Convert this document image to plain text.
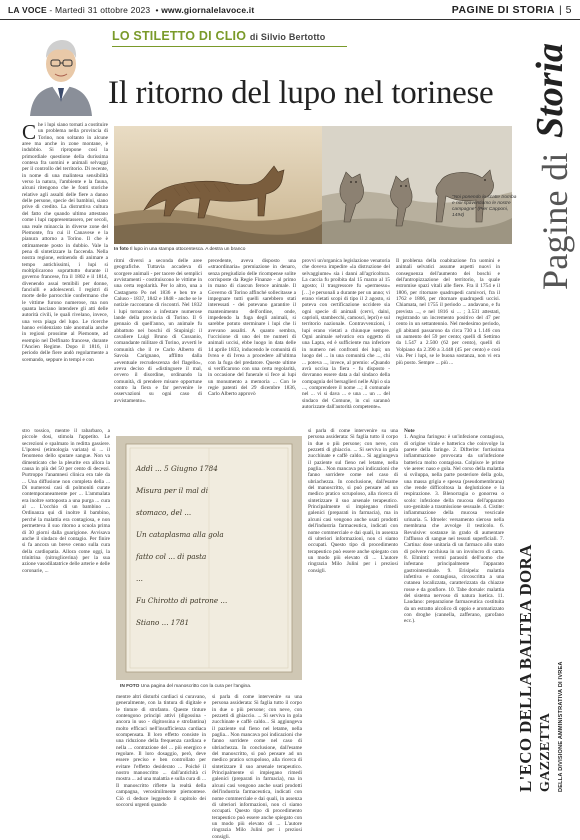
LA VOCE - Martedì 31 ottobre 2023  • www.giornalelavoce.it	PAGINE DI STORIA | 5
LO STILETTO DI CLIO di Silvio Bertotto
Il ritorno del lupo nel torinese
C he i lupi siano tornati a costituire un problema nella provincia di Torino, non soltanto in alcune aree ma anche in zone montane, è indubbio. Si ripropone così la primordiale questione della durissima contesa fra uomini e animali selvaggi per il controllo del territorio. Di recente, in nome di una malintesa sensibilità verso la natura, l'ambiente e la fauna, alcuni ritengono che le fonti storiche relative agli assalti delle fiere a danno delle persone, specie dei bambini, siano prive di credito. La distruttiva cultura del fatto che quando ultimo attestano come i lupi rappresentassero, per secoli, una reale minaccia in diverse zone del Piemonte, fra cui il Canavese e la pianura attorno a Torino. Il che è ottimamente posto in dubbio. Vale la pena di sintetizzare la faccenda. Nella nostra regione, estinendo di animare a tempo antichissimi, i lupi si moltiplicarono soprattutto durante il governo francese, fra il 1802 e il 1814, divenendo assai temibili per donne, fanciulli e adolescenti. I registri di morte delle parrocchie confermano che le vittime furono numerose, ma non quanta lasciano intendere gli atti delle autorità civili, le quali rivelano, invece, una vera piaga del lupo. Le ricerche hanno evidenziato tale anomalia anche in regioni prossime al Piemonte, ad esempio nel Delfinato francese, durante l'Ancien Regime. Dopo il 1816, il periodo delle fiere andò regolarmente a scemando, seppure in tempi e con

In foto Il lupo in una stampa ottocentesca. A destra un branco
"Noi ponendo le scatte tromba e noi spaventiamo le nostre campagne" (Pier Capponi, 1494)

ritmi diversi a seconda delle aree geografiche. Tuttavia accadeva di scorgere animali - per tacere dei semplici avvistamenti - costituiscono le vittime in una certa regolarità. Per lo altro, una a Castagneto Po nel 1836 e ben tre a Caluso - 1837, 1842 e 1848 - anche se le notizie raccontano di riscontri. Nel 1832 i lupi tornarono a infestare numerose lande della provincia di Torino. Il 6 gennaio di quell'anno, un animale fu abbattuto nei boschi di Stupinigi: il cavaliere Luigi Bruno di Cussanio, comandante militare di Torino, avvertì le comunità che il re Carlo Alberto di Savoia Carignano, afflitto dalla «eventuale recrudescenza del flagello», aveva deciso di «distinguere il mal, ovvero il disordine, ordinando la comunità, di prendere misure opportune contro la fiera e far pervenire le osservazioni su ogni caso di avvistamento».

precedente, aveva disposto una «straordinaria» premiazione in denaro, senza pregiudizio delle ricompense solite corrisposte da Regie Finanze - al primo in mano di ciascun feroce animale. Il Governo di Torino affinché sollecitasse a impegnare tutti quelli sarebbero stati interessati - dei potevano garantire il mantenimento dell'ordine, onde, impedendo la fuga degli animali, si sarebbe potuto sterminare i lupi che li avevano assaliti. A quanto sembra, l'uccisione di uno dei tre numeri di animali uccisi, ebbe luogo in data delle 14 aprile 1833, inducendo le comunità di Ivrea e di Ivrea a procedere all'ultima con la fuga del predatore. Queste ultime si verificarono con una certa regolarità, in occasione del funerale si fece ai lupi un monumento a memoria ... Con le regie patenti del 29 dicembre 1836, Carlo Alberto approvò

provvi un'organica legislazione venatoria che doveva impedire «la distruzione del selvaggiume» sia i danni all'agricoltura. La caccia fu proibita dal 15 marzo al 15 agosto; il trasgressore fu «permesso» […] e personali a durante per un anno; vi erano vietati scopi di tipo il 2 agosto, si poteva con certificazione uccidere sia ogni specie di animali (cervi, daini, caprioli, stambecchi, camosci, lepri) e sul territorio nazionale. Contravvenzioni, i lupi erano vietati a chiunque sempre. Ogni animale selvatico era oggetto di una Lapta, ed è sufficiente ma inferiore in numero nei confronti dei lupi; un luogo del ... in una comunità che ..., chi ... poteva ..., invece, al premio: «Quando avrà uccisa la fiera - fu disposto - dovranno essere data a dal sindaco della compagnia del bersaglieri nelle Alpi o sia ..., comprendere il nome ...; il comunale nel ... vi si dava ... e una ... un ... del sindaco del Comune, in cui sarannò autorizzate dall'autorità competente».

Il problema della coabitazione fra uomini e animali selvatici assume aspetti nuovi in conseguenza dell'aumento dei boschi e dell'antropizzazione del territorio, la quale estromise spazi vitali alle fiere. Fra il 1754 e il 1806, per ritornare quadrupedi carnivori, fra il 1762 e 1806, per ritornare quadrupedi uccisi. Chiamata, nel 1755 il periodo ... andavano, e fu prevista ..., e nel 1816 si ... ; 3.531 attestati, registrando un incremento positivo del 47 per cento in un settantennio. Nel medesimo periodo, gli abitanti passarono da circa 730 a 1.146 con un aumento del 59 per cento; quelli di Settimo da 1.547 a 2.500 (62 per cento), quelli di Volpiano da 2.390 a 3.448 (45 per cento) e così via. Per i lupi, se le buona sostanza, non vi era più posto. Sempre ... più ...

Pagine di
Storia

stro tossico, mentre il rabarbaro, a piccole dosi, stimola l'appetito. Le secrezioni e spalmato in reditta gassiere. L'ipotesi (etimologia variata) si ... il fenomeno dello sputare sangue. Non va dimenticato che la pleurite era allora la causa in più del 50 per cento di decessi. Purtroppo l'anamnesi clinica era tale da ... Una diffusione non completa della ... Di numerosi casi di polmoniti curate contemporaneamente per ... L'ammalata era inoltre sottoposta a una purga ... cura al ... L'occhio di un bambino ... Ordinanza qui di inoltre il bambino, perché la malattia era contagiosa, e non permetteva il suo ritorno a scuola prima di 30 giorni dalla guarigione. Avvisava anche il sindaco del contagio. Per finire si fa ancora un breve cenno sulla cura della cardiopatia. Allora come oggi, la trinitrina (nitroglicerina) per la sua azione vasodilatatrice delle arterie e delle coronarie, ...

Addì ... 5 Giugno 1784
Misura per il mal di
stomaco, del ...
Un cataplasma alla gola
fatto col ... di pasta
...
Fu Chirotto di patrone ...
Stiano ... 1781
IN FOTO Una pagina del manoscritto con la cura per l'angina.

mentre altri disturbi cardiaci si curavano, generalmente, con la tintura di digitale e le tinture di strofanto. Queste tinture contengono principi attivi (digossina - ancora in uso - digitossina e strofantina) molto efficaci nell'insufficienza cardiaca scompensata. Il loro effetto consiste in una riduzione della frequenza cardiaca e nella ... contrazione del ... più energico e regolare. Il loro dosaggio, però, deve essere preciso e ben controllato per evitare l'effetto desiderato ... Poiché il nostro manoscritto ... dall'antichità ci mostra ... ad una malattia e sulla cura di ... Il manoscritto riflette la realtà della campagna, verosimilmente piemontese. Ciò ci deduce leggendo il capitolo dei soccorsi urgenti quando

si parla di come intervenire su una persona assiderata: Si faglia tutto il corpo in due o più persone; con neve, con pezzetti di ghiaccio. ... Si serviva in gola zucchinate e caffè caldo... Si aggiungeva il paziente sul fieno nel letame, nella paglia... Non mancava poi indicazioni che fanno sorridere come nel caso di ubriachezza. In conclusione, dall'esame del manoscritto, si può pensare ad un medico pratico scrupoloso, alla ricerca di sintetizzare il suo arsenale terapeutico. Principalmente si impiegano rimedi galenici (preparati in farmacia), ma in alcuni casi vengono anche usati prodotti dell'industria farmaceutica, indicati con nome commerciale e dai quali, in assenza di ulteriori informazioni, non ci siamo occupati. Questo tipo di procedimento terapeutico può essere anche spiegato con un modo più elevato di ... L'autore ringrazia Milo Julini per i preziosi consigli.

si parla di come intervenire su una persona assiderata: Si faglia tutto il corpo in due o più persone; con neve, con pezzetti di ghiaccio. ... Si serviva in gola zucchinate e caffè caldo... Si aggiungeva il paziente sul fieno nel letame, nella paglia... Non mancava poi indicazioni che fanno sorridere come nel caso di ubriachezza. In conclusione, dall'esame del manoscritto, si può pensare ad un medico pratico scrupoloso, alla ricerca di sintetizzare il suo arsenale terapeutico. Principalmente si impiegano rimedi galenici (preparati in farmacia), ma in alcuni casi vengono anche usati prodotti dell'industria farmaceutica, indicati con nome commerciale e dai quali, in assenza di ulteriori informazioni, non ci siamo occupati. Questo tipo di procedimento terapeutico può essere anche spiegato con un modo più elevato di ... L'autore ringrazia Milo Julini per i preziosi consigli.

Note

1. Angina faringea: è un'infezione contagiosa, di origine virale e batterica che coinvolge la parete della faringe. 2. Difterite: fortissima infiammazione provocata da un'infezione batterica molto contagiosa. Colpisce le prime vie aeree: naso e gola. Nel corso della malattia si sviluppa, nella parte posteriore della gola, una massa grigia e spessa (pseudomembrana) che rende difficoltosa la deglutizione e la respirazione. 3. Blenorragia o gonorrea o scolo: infezione della mucosa dell'apparato uro-genitale a trasmissione sessuale. 4. Cistite: infiammazione della mucosa vescicale urinaria. 5. Idroele: versamento sieroso nella membrana che avvolge il testicolo. 6. Revulsive: sostanze in grado di aumentare l'afflusso di sangue nei tessuti superficiali. 7. Cartina: dose unitaria di un farmaco allo stato di polvere racchiusa in un involucro di carta. 8. Elmintí: vermi parassiti dell'uomo che infestano principalmente l'apparato gastrointestinale. 9. Erisipela: malattia infettiva e contagiosa, circoscritta a una cutanea localizzata, caratterizzata da chiazze rosse e da gonfiore. 10. Tabe dorsale: malattia del sistema nervoso di natura luetica. 11. Laudano: preparazione farmaceutica costituita da un estratto alcolico di oppio e aromatizzato con droghe (cannella, zafferano, garofano ecc.).	L'ECO DELLA BALTEA DORA GAZZETTA DELLA DIVISIONE AMMINISTRATIVA DI IVREA
